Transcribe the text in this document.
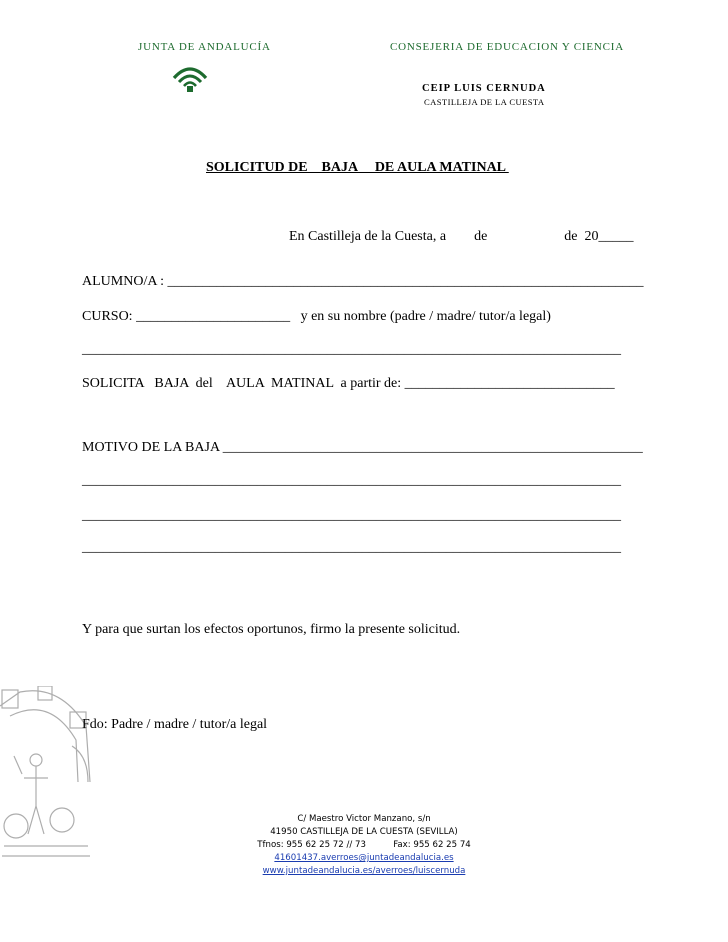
JUNTA DE ANDALUCÍA	CONSEJERIA DE EDUCACION Y CIENCIA
CEIP LUIS CERNUDA
CASTILLEJA DE LA CUESTA
SOLICITUD DE    BAJA     DE AULA MATINAL
En Castilleja de la Cuesta, a        de                      de  20_____
ALUMNO/A : ____________________________________________________________________
CURSO: ______________________   y en su nombre (padre / madre/ tutor/a legal)
_____________________________________________________________________________
SOLICITA   BAJA  del    AULA  MATINAL  a partir de: ______________________________
MOTIVO DE LA BAJA ____________________________________________________________
_____________________________________________________________________________
_____________________________________________________________________________
_____________________________________________________________________________
Y para que surtan los efectos oportunos, firmo la presente solicitud.
Fdo: Padre / madre / tutor/a legal
C/ Maestro Victor Manzano, s/n
41950 CASTILLEJA DE LA CUESTA (SEVILLA)
Tfnos: 955 62 25 72 // 73          Fax: 955 62 25 74
41601437.averroes@juntadeandalucia.es
www.juntadeandalucia.es/averroes/luiscernuda
